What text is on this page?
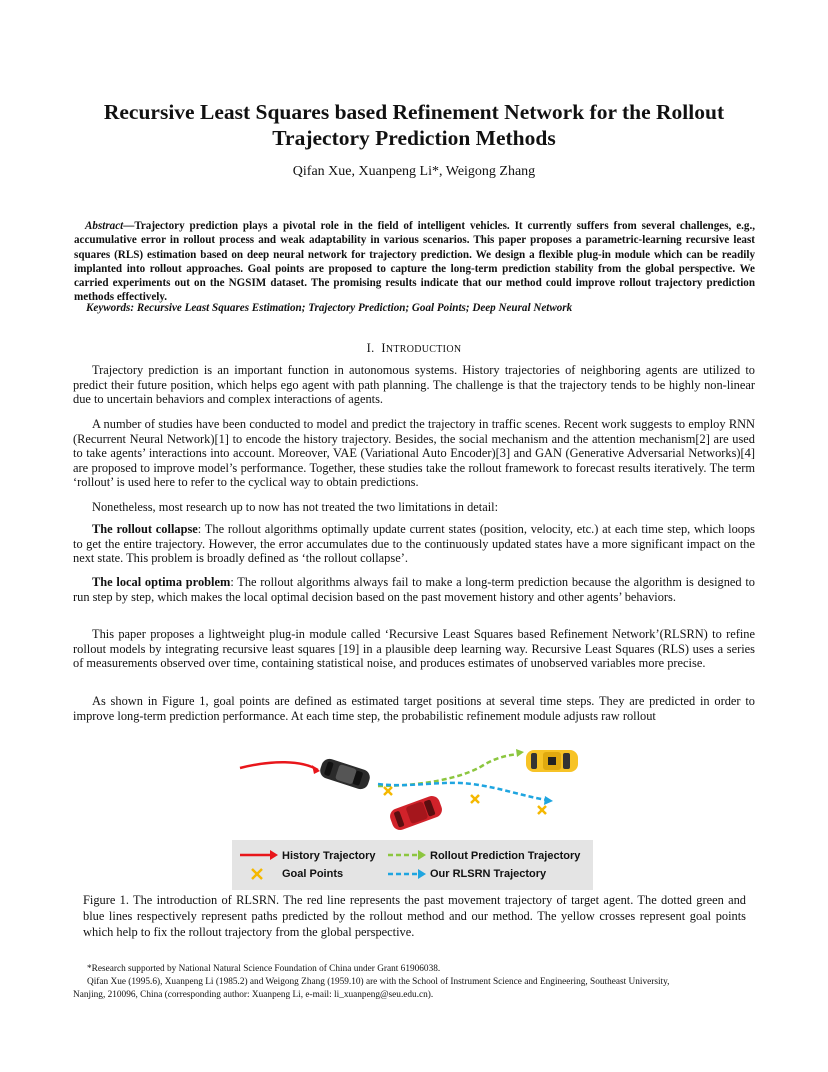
Recursive Least Squares based Refinement Network for the Rollout
Trajectory Prediction Methods
Qifan Xue, Xuanpeng Li*, Weigong Zhang

Abstract—Trajectory prediction plays a pivotal role in the field of intelligent vehicles. It currently suffers from several challenges, e.g., accumulative error in rollout process and weak adaptability in various scenarios. This paper proposes a parametric-learning recursive least squares (RLS) estimation based on deep neural network for trajectory prediction. We design a flexible plug-in module which can be readily implanted into rollout approaches. Goal points are proposed to capture the long-term prediction stability from the global perspective. We carried experiments out on the NGSIM dataset. The promising results indicate that our method could improve rollout trajectory prediction methods effectively.

Keywords: Recursive Least Squares Estimation; Trajectory Prediction; Goal Points; Deep Neural Network
I. INTRODUCTION

Trajectory prediction is an important function in autonomous systems. History trajectories of neighboring agents are utilized to predict their future position, which helps ego agent with path planning. The challenge is that the trajectory tends to be highly non-linear due to uncertain behaviors and complex interactions of agents.

A number of studies have been conducted to model and predict the trajectory in traffic scenes. Recent work suggests to employ RNN (Recurrent Neural Network)[1] to encode the history trajectory. Besides, the social mechanism and the attention mechanism[2] are used to take agents’ interactions into account. Moreover, VAE (Variational Auto Encoder)[3] and GAN (Generative Adversarial Networks)[4] are proposed to improve model’s performance. Together, these studies take the rollout framework to forecast results iteratively. The term ‘rollout’ is used here to refer to the cyclical way to obtain predictions.

Nonetheless, most research up to now has not treated the two limitations in detail:

The rollout collapse: The rollout algorithms optimally update current states (position, velocity, etc.) at each time step, which loops to get the entire trajectory. However, the error accumulates due to the continuously updated states have a more significant impact on the next state. This problem is broadly defined as ‘the rollout collapse’.

The local optima problem: The rollout algorithms always fail to make a long-term prediction because the algorithm is designed to run step by step, which makes the local optimal decision based on the past movement history and other agents’ behaviors.

This paper proposes a lightweight plug-in module called ‘Recursive Least Squares based Refinement Network’(RLSRN) to refine rollout models by integrating recursive least squares [19] in a plausible deep learning way. Recursive Least Squares (RLS) uses a series of measurements observed over time, containing statistical noise, and produces estimates of unobserved variables more precise.

As shown in Figure 1, goal points are defined as estimated target positions at several time steps. They are predicted in order to improve long-term prediction performance. At each time step, the probabilistic refinement module adjusts raw rollout

History Trajectory
Goal Points
Rollout Prediction Trajectory
Our RLSRN Trajectory
Figure 1. The introduction of RLSRN. The red line represents the past movement trajectory of target agent. The dotted green and blue lines respectively represent paths predicted by the rollout method and our method. The yellow crosses represent goal points which help to fix the rollout trajectory from the global perspective.
*Research supported by National Natural Science Foundation of China under Grant 61906038.
Qifan Xue (1995.6), Xuanpeng Li (1985.2) and Weigong Zhang (1959.10) are with the School of Instrument Science and Engineering, Southeast University,
Nanjing, 210096, China (corresponding author: Xuanpeng Li, e-mail: li_xuanpeng@seu.edu.cn).
